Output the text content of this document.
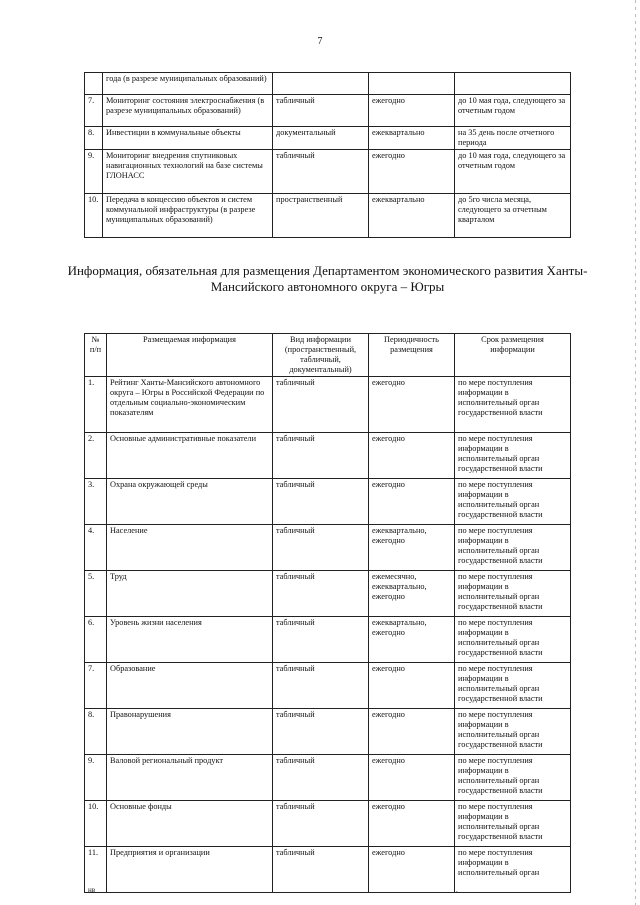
7
	года (в разрезе муниципальных образований)			
7.	Мониторинг состояния электроснабжения (в разрезе муниципальных образований)	табличный	ежегодно	до 10 мая года, следующего за отчетным годом
8.	Инвестиции в коммунальные объекты	документальный	ежеквартально	на 35 день после отчетного периода
9.	Мониторинг внедрения спутниковых навигационных технологий на базе системы ГЛОНАСС	табличный	ежегодно	до 10 мая года, следующего за отчетным годом
10.	Передача в концессию объектов и систем коммунальной инфраструктуры (в разрезе муниципальных образований)	пространственный	ежеквартально	до 5го числа месяца, следующего за отчетным кварталом
Информация, обязательная для размещения Департаментом экономического развития Ханты-Мансийского автономного округа – Югры
№ п/п	Размещаемая информация	Вид информации (пространственный, табличный, документальный)	Периодичность размещения	Срок размещения информации
1.	Рейтинг Ханты-Мансийского автономного округа – Югры в Российской Федерации по отдельным социально-экономическим показателям	табличный	ежегодно	по мере поступления информации в исполнительный орган государственной власти
2.	Основные административные показатели	табличный	ежегодно	по мере поступления информации в исполнительный орган государственной власти
3.	Охрана окружающей среды	табличный	ежегодно	по мере поступления информации в исполнительный орган государственной власти
4.	Население	табличный	ежеквартально, ежегодно	по мере поступления информации в исполнительный орган государственной власти
5.	Труд	табличный	ежемесячно, ежеквартально, ежегодно	по мере поступления информации в исполнительный орган государственной власти
6.	Уровень жизни населения	табличный	ежеквартально, ежегодно	по мере поступления информации в исполнительный орган государственной власти
7.	Образование	табличный	ежегодно	по мере поступления информации в исполнительный орган государственной власти
8.	Правонарушения	табличный	ежегодно	по мере поступления информации в исполнительный орган государственной власти
9.	Валовой региональный продукт	табличный	ежегодно	по мере поступления информации в исполнительный орган государственной власти
10.	Основные фонды	табличный	ежегодно	по мере поступления информации в исполнительный орган государственной власти
11.	Предприятия и организации	табличный	ежегодно	по мере поступления информации в исполнительный орган
нв	.
